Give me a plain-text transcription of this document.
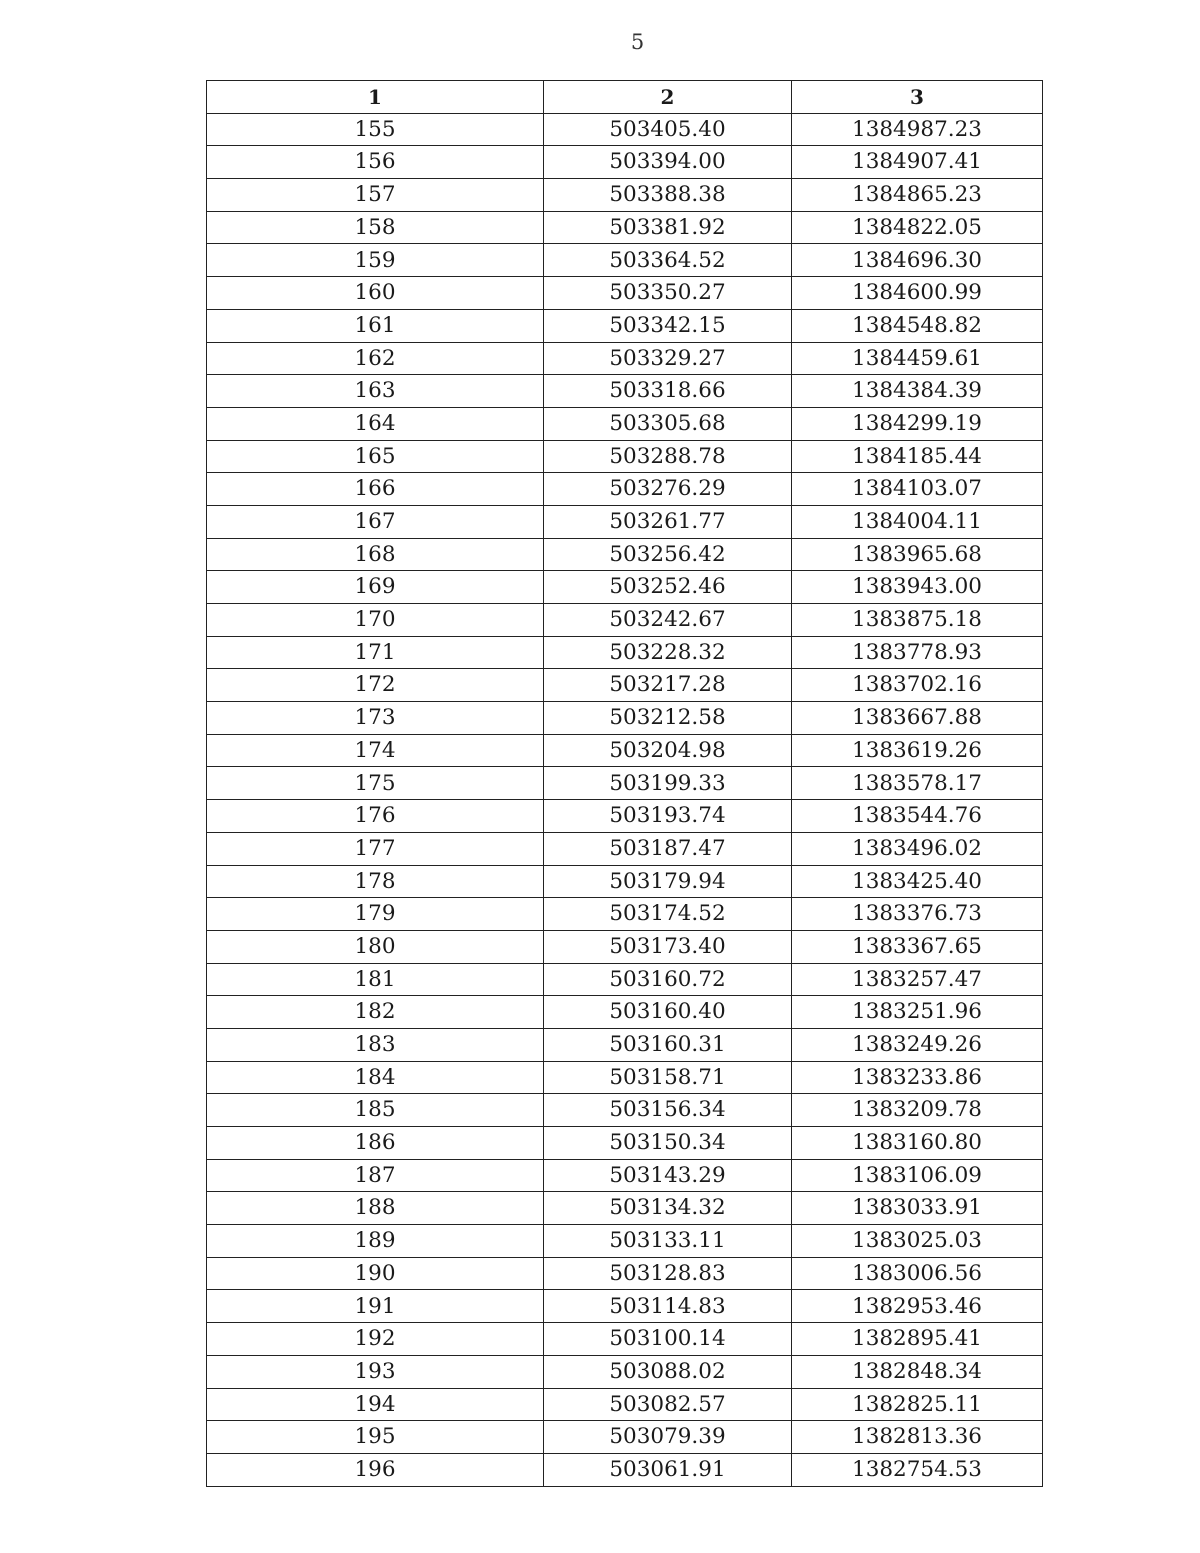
5
1	2	3
155	503405.40	1384987.23
156	503394.00	1384907.41
157	503388.38	1384865.23
158	503381.92	1384822.05
159	503364.52	1384696.30
160	503350.27	1384600.99
161	503342.15	1384548.82
162	503329.27	1384459.61
163	503318.66	1384384.39
164	503305.68	1384299.19
165	503288.78	1384185.44
166	503276.29	1384103.07
167	503261.77	1384004.11
168	503256.42	1383965.68
169	503252.46	1383943.00
170	503242.67	1383875.18
171	503228.32	1383778.93
172	503217.28	1383702.16
173	503212.58	1383667.88
174	503204.98	1383619.26
175	503199.33	1383578.17
176	503193.74	1383544.76
177	503187.47	1383496.02
178	503179.94	1383425.40
179	503174.52	1383376.73
180	503173.40	1383367.65
181	503160.72	1383257.47
182	503160.40	1383251.96
183	503160.31	1383249.26
184	503158.71	1383233.86
185	503156.34	1383209.78
186	503150.34	1383160.80
187	503143.29	1383106.09
188	503134.32	1383033.91
189	503133.11	1383025.03
190	503128.83	1383006.56
191	503114.83	1382953.46
192	503100.14	1382895.41
193	503088.02	1382848.34
194	503082.57	1382825.11
195	503079.39	1382813.36
196	503061.91	1382754.53
